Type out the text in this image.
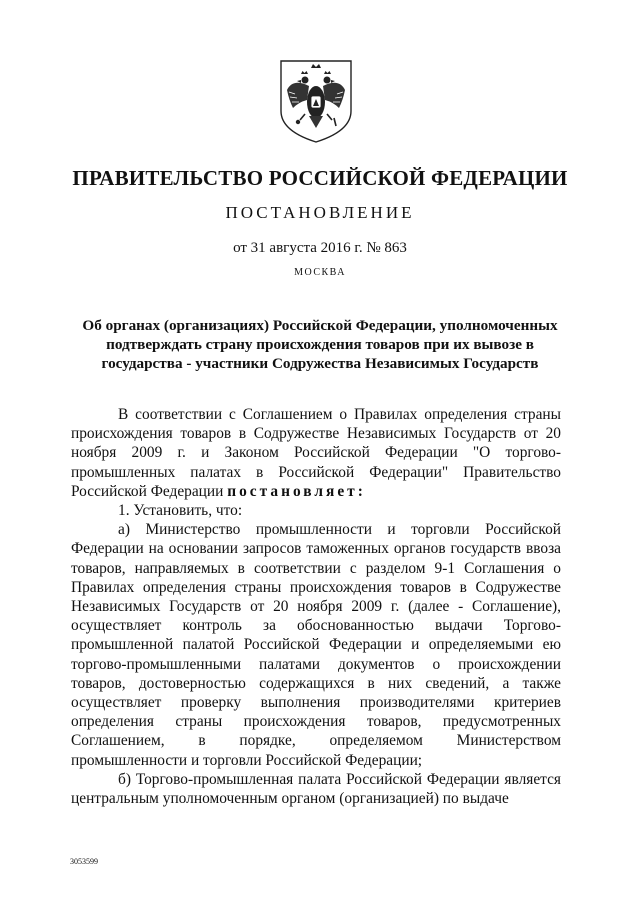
ПРАВИТЕЛЬСТВО РОССИЙСКОЙ ФЕДЕРАЦИИ
ПОСТАНОВЛЕНИЕ
от 31 августа 2016 г. № 863
МОСКВА
Об органах (организациях) Российской Федерации, уполномоченных подтверждать страну происхождения товаров при их вывозе в государства - участники Содружества Независимых Государств

В соответствии с Соглашением о Правилах определения страны происхождения товаров в Содружестве Независимых Государств от 20 ноября 2009 г. и Законом Российской Федерации "О торгово-промышленных палатах в Российской Федерации" Правительство Российской Федерации постановляет:

1. Установить, что:

а) Министерство промышленности и торговли Российской Федерации на основании запросов таможенных органов государств ввоза товаров, направляемых в соответствии с разделом 9-1 Соглашения о Правилах определения страны происхождения товаров в Содружестве Независимых Государств от 20 ноября 2009 г. (далее - Соглашение), осуществляет контроль за обоснованностью выдачи Торгово-промышленной палатой Российской Федерации и определяемыми ею торгово-промышленными палатами документов о происхождении товаров, достоверностью содержащихся в них сведений, а также осуществляет проверку выполнения производителями критериев определения страны происхождения товаров, предусмотренных Соглашением, в порядке, определяемом Министерством промышленности и торговли Российской Федерации;

б) Торгово-промышленная палата Российской Федерации является центральным уполномоченным органом (организацией) по выдаче

3053599
